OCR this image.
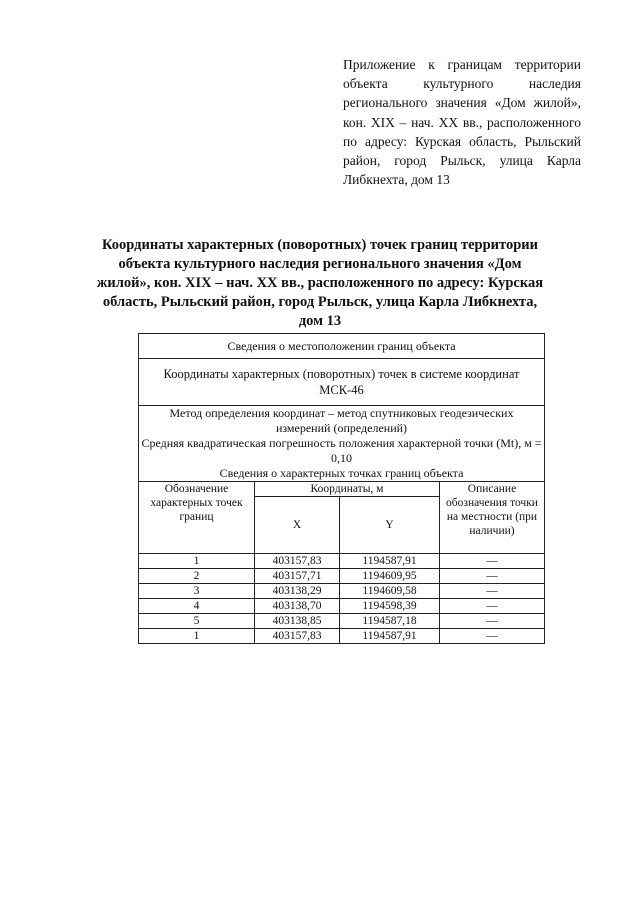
Приложение к границам территории объекта культурного наследия регионального значения «Дом жилой», кон. XIX – нач. XX вв., расположенного по адресу: Курская область, Рыльский район, город Рыльск, улица Карла Либкнехта, дом 13
Координаты характерных (поворотных) точек границ территории объекта культурного наследия регионального значения «Дом жилой», кон. XIX – нач. XX вв., расположенного по адресу: Курская область, Рыльский район, город Рыльск, улица Карла Либкнехта, дом 13
Сведения о местоположении границ объекта			
Координаты характерных (поворотных) точек в системе координат МСК-46			

Метод определения координат – метод спутниковых геодезических измерений (определений)
Средняя квадратическая погрешность положения характерной точки (Mt), м = 0,10
Сведения о характерных точках границ объекта			

Обозначение характерных точек границ	Координаты, м		Описание обозначения точки на местности (при наличии)
	X	Y	
1	403157,83	1194587,91	—
2	403157,71	1194609,95	—
3	403138,29	1194609,58	—
4	403138,70	1194598,39	—
5	403138,85	1194587,18	—
1	403157,83	1194587,91	—
